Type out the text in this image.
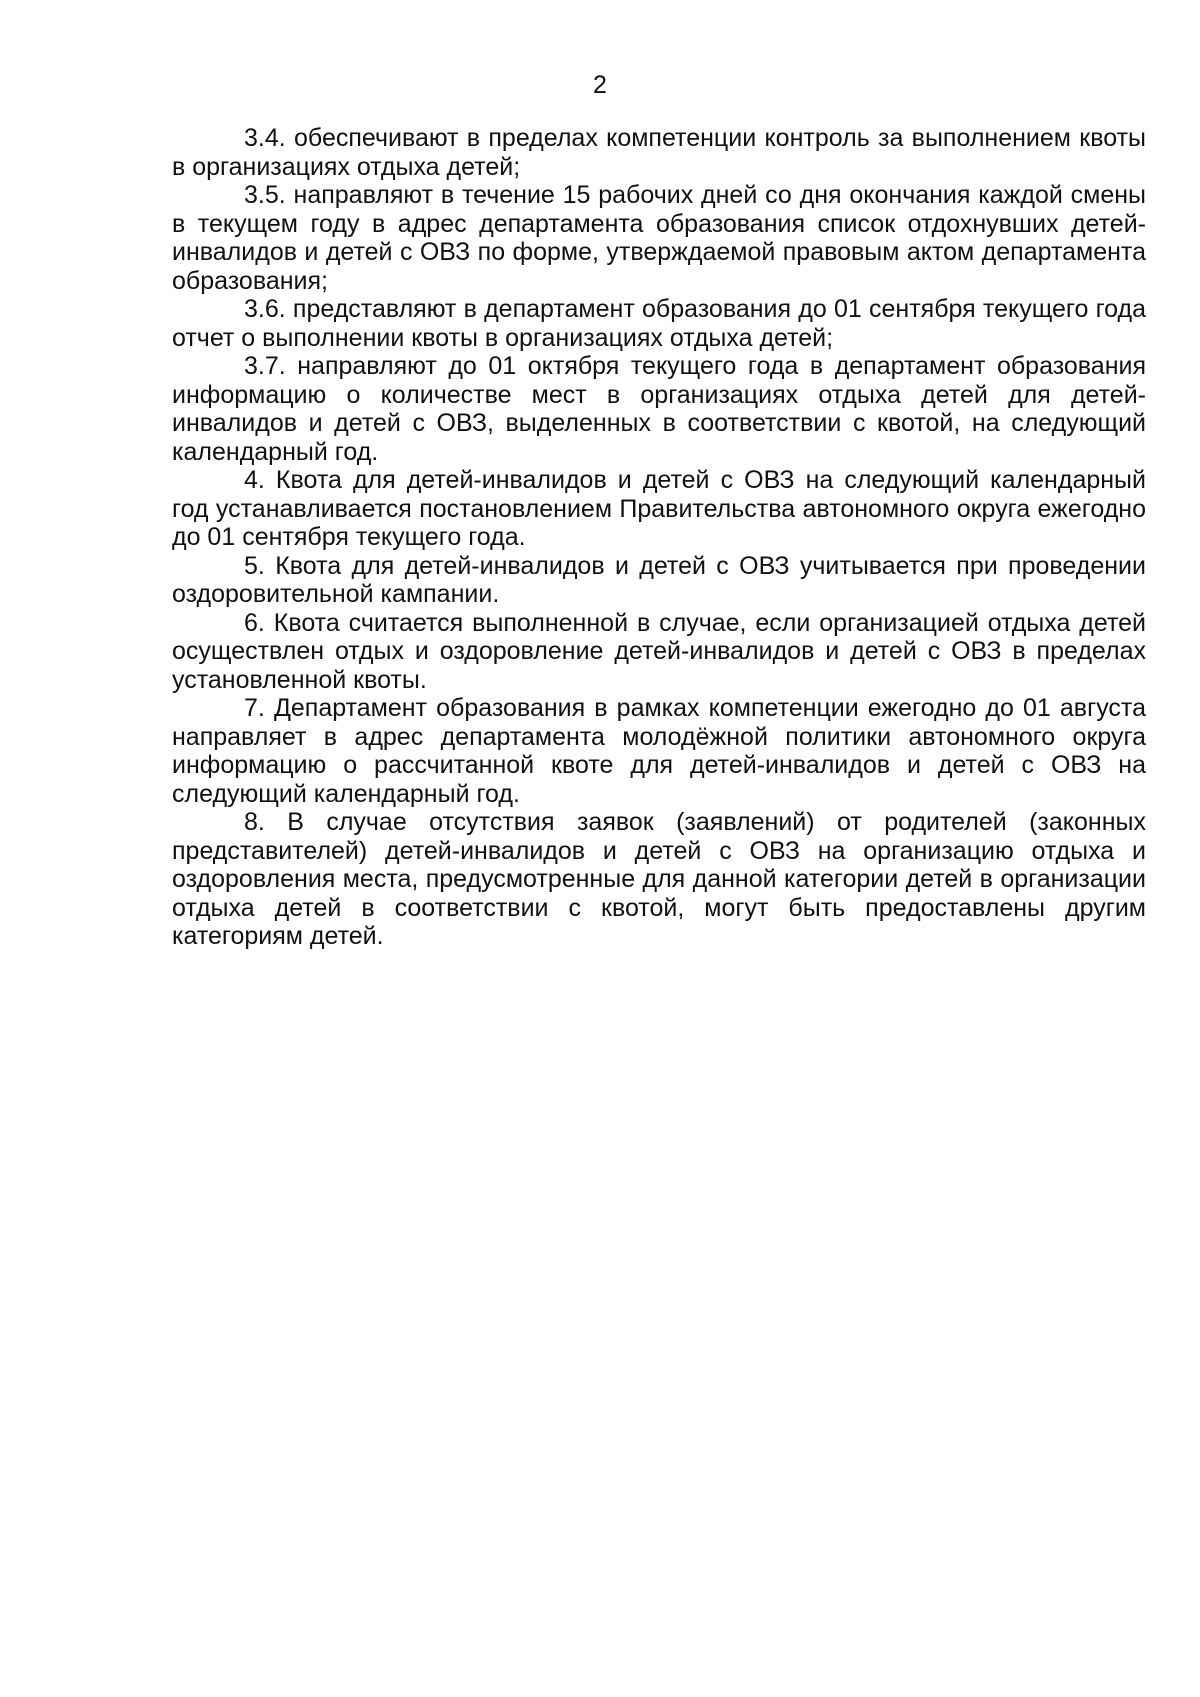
2

3.4. обеспечивают в пределах компетенции контроль за выполнением квоты в организациях отдыха детей;

3.5. направляют в течение 15 рабочих дней со дня окончания каждой смены в текущем году в адрес департамента образования список отдохнувших детей-инвалидов и детей с ОВЗ по форме, утверждаемой правовым актом департамента образования;

3.6. представляют в департамент образования до 01 сентября текущего года отчет о выполнении квоты в организациях отдыха детей;

3.7. направляют до 01 октября текущего года в департамент образования информацию о количестве мест в организациях отдыха детей для детей-инвалидов и детей с ОВЗ, выделенных в соответствии с квотой, на следующий календарный год.

4. Квота для детей-инвалидов и детей с ОВЗ на следующий календарный год устанавливается постановлением Правительства автономного округа ежегодно до 01 сентября текущего года.

5. Квота для детей-инвалидов и детей с ОВЗ учитывается при проведении оздоровительной кампании.

6. Квота считается выполненной в случае, если организацией отдыха детей осуществлен отдых и оздоровление детей-инвалидов и детей с ОВЗ в пределах установленной квоты.

7. Департамент образования в рамках компетенции ежегодно до 01 августа направляет в адрес департамента молодёжной политики автономного округа информацию о рассчитанной квоте для детей-инвалидов и детей с ОВЗ на следующий календарный год.

8. В случае отсутствия заявок (заявлений) от родителей (законных представителей) детей-инвалидов и детей с ОВЗ на организацию отдыха и оздоровления места, предусмотренные для данной категории детей в организации отдыха детей в соответствии с квотой, могут быть предоставлены другим категориям детей.
